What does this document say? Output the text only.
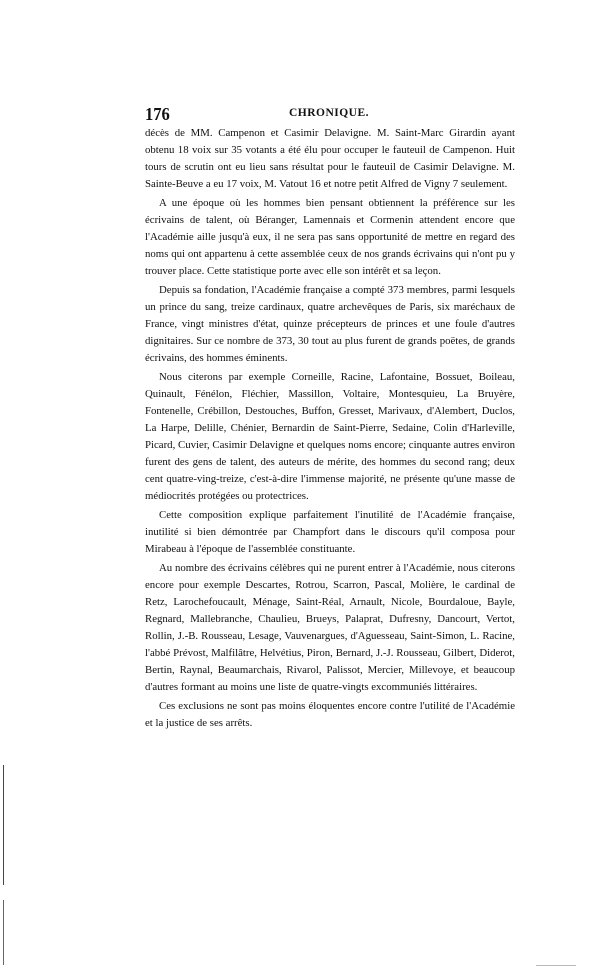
176	CHRONIQUE.

décès de MM. Campenon et Casimir Delavigne. M. Saint-Marc Girardin ayant obtenu 18 voix sur 35 votants a été élu pour occuper le fauteuil de Campenon. Huit tours de scrutin ont eu lieu sans résultat pour le fauteuil de Casimir Delavigne. M. Sainte-Beuve a eu 17 voix, M. Vatout 16 et notre petit Alfred de Vigny 7 seulement.

A une époque où les hommes bien pensant obtiennent la préférence sur les écrivains de talent, où Béranger, Lamennais et Cormenin attendent encore que l'Académie aille jusqu'à eux, il ne sera pas sans opportunité de mettre en regard des noms qui ont appartenu à cette assemblée ceux de nos grands écrivains qui n'ont pu y trouver place. Cette statistique porte avec elle son intérêt et sa leçon.

Depuis sa fondation, l'Académie française a compté 373 membres, parmi lesquels un prince du sang, treize cardinaux, quatre archevêques de Paris, six maréchaux de France, vingt ministres d'état, quinze précepteurs de princes et une foule d'autres dignitaires. Sur ce nombre de 373, 30 tout au plus furent de grands poëtes, de grands écrivains, des hommes éminents.

Nous citerons par exemple Corneille, Racine, Lafontaine, Bossuet, Boileau, Quinault, Fénélon, Fléchier, Massillon, Voltaire, Montesquieu, La Bruyère, Fontenelle, Crébillon, Destouches, Buffon, Gresset, Marivaux, d'Alembert, Duclos, La Harpe, Delille, Chénier, Bernardin de Saint-Pierre, Sedaine, Colin d'Harleville, Picard, Cuvier, Casimir Delavigne et quelques noms encore; cinquante autres environ furent des gens de talent, des auteurs de mérite, des hommes du second rang; deux cent quatre-ving-treize, c'est-à-dire l'immense majorité, ne présente qu'une masse de médiocrités protégées ou protectrices.

Cette composition explique parfaitement l'inutilité de l'Académie française, inutilité si bien démontrée par Champfort dans le discours qu'il composa pour Mirabeau à l'époque de l'assemblée constituante.

Au nombre des écrivains célèbres qui ne purent entrer à l'Académie, nous citerons encore pour exemple Descartes, Rotrou, Scarron, Pascal, Molière, le cardinal de Retz, Larochefoucault, Ménage, Saint-Réal, Arnault, Nicole, Bourdaloue, Bayle, Regnard, Mallebranche, Chaulieu, Brueys, Palaprat, Dufresny, Dancourt, Vertot, Rollin, J.-B. Rousseau, Lesage, Vauvenargues, d'Aguesseau, Saint-Simon, L. Racine, l'abbé Prévost, Malfilâtre, Helvétius, Piron, Bernard, J.-J. Rousseau, Gilbert, Diderot, Bertin, Raynal, Beaumarchais, Rivarol, Palissot, Mercier, Millevoye, et beaucoup d'autres formant au moins une liste de quatre-vingts excommuniés littéraires.

Ces exclusions ne sont pas moins éloquentes encore contre l'utilité de l'Académie et la justice de ses arrêts.
